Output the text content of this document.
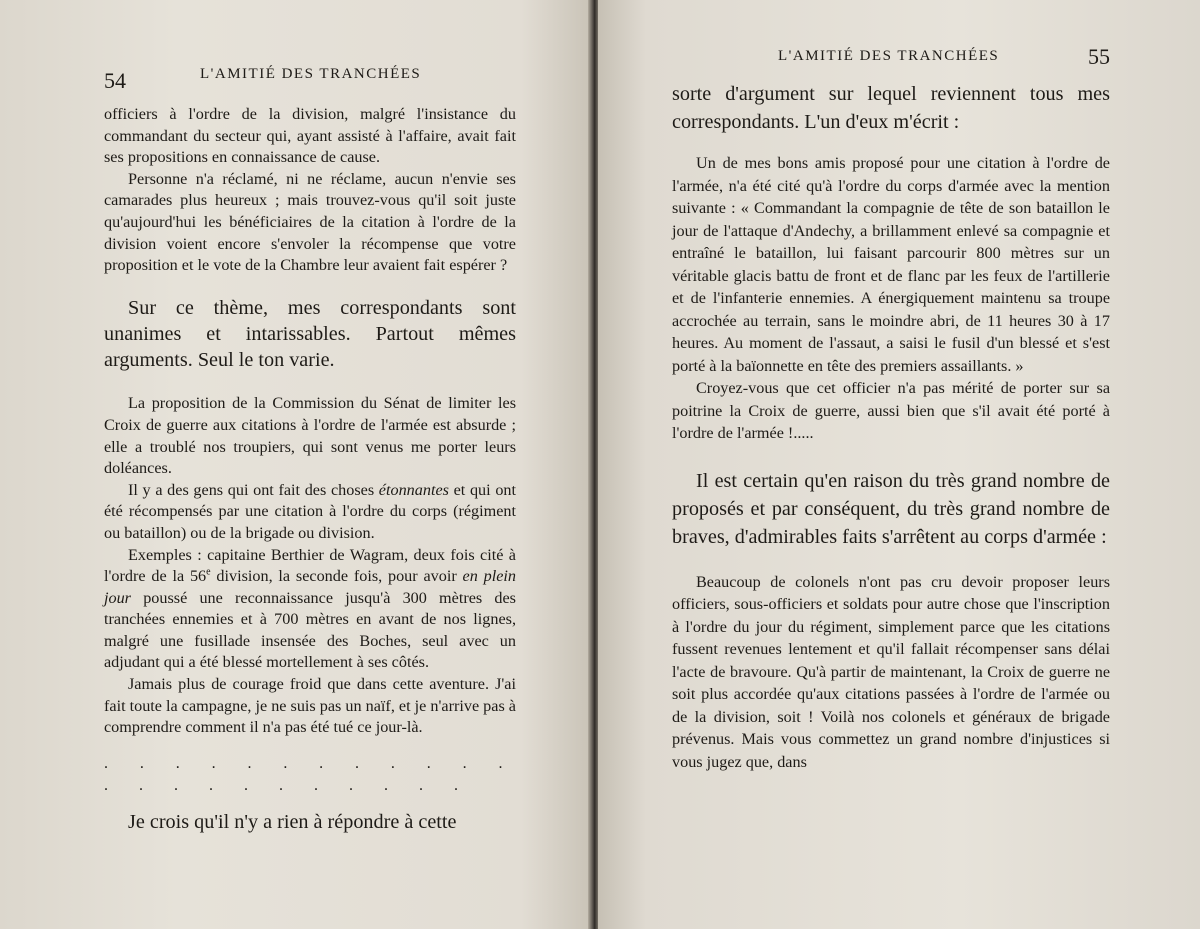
54	L'AMITIÉ DES TRANCHÉES

officiers à l'ordre de la division, malgré l'insistance du commandant du secteur qui, ayant assisté à l'affaire, avait fait ses propositions en connaissance de cause.

Personne n'a réclamé, ni ne réclame, aucun n'envie ses camarades plus heureux ; mais trouvez-vous qu'il soit juste qu'aujourd'hui les bénéficiaires de la citation à l'ordre de la division voient encore s'envoler la récompense que votre proposition et le vote de la Chambre leur avaient fait espérer ?

Sur ce thème, mes correspondants sont unanimes et intarissables. Partout mêmes arguments. Seul le ton varie.

La proposition de la Commission du Sénat de limiter les Croix de guerre aux citations à l'ordre de l'armée est absurde ; elle a troublé nos troupiers, qui sont venus me porter leurs doléances.

Il y a des gens qui ont fait des choses étonnantes et qui ont été récompensés par une citation à l'ordre du corps (régiment ou bataillon) ou de la brigade ou division.

Exemples : capitaine Berthier de Wagram, deux fois cité à l'ordre de la 56e division, la seconde fois, pour avoir en plein jour poussé une reconnaissance jusqu'à 300 mètres des tranchées ennemies et à 700 mètres en avant de nos lignes, malgré une fusillade insensée des Boches, seul avec un adjudant qui a été blessé mortellement à ses côtés.

Jamais plus de courage froid que dans cette aventure. J'ai fait toute la campagne, je ne suis pas un naïf, et je n'arrive pas à comprendre comment il n'a pas été tué ce jour-là.

. . . . . . . . . . . . . . . . . . . . . . .

Je crois qu'il n'y a rien à répondre à cette

L'AMITIÉ DES TRANCHÉES	55

sorte d'argument sur lequel reviennent tous mes correspondants. L'un d'eux m'écrit :

Un de mes bons amis proposé pour une citation à l'ordre de l'armée, n'a été cité qu'à l'ordre du corps d'armée avec la mention suivante : « Commandant la compagnie de tête de son bataillon le jour de l'attaque d'Andechy, a brillamment enlevé sa compagnie et entraîné le bataillon, lui faisant parcourir 800 mètres sur un véritable glacis battu de front et de flanc par les feux de l'artillerie et de l'infanterie ennemies. A énergiquement maintenu sa troupe accrochée au terrain, sans le moindre abri, de 11 heures 30 à 17 heures. Au moment de l'assaut, a saisi le fusil d'un blessé et s'est porté à la baïonnette en tête des premiers assaillants. »

Croyez-vous que cet officier n'a pas mérité de porter sur sa poitrine la Croix de guerre, aussi bien que s'il avait été porté à l'ordre de l'armée !.....

Il est certain qu'en raison du très grand nombre de proposés et par conséquent, du très grand nombre de braves, d'admirables faits s'arrêtent au corps d'armée :

Beaucoup de colonels n'ont pas cru devoir proposer leurs officiers, sous-officiers et soldats pour autre chose que l'inscription à l'ordre du jour du régiment, simplement parce que les citations fussent revenues lentement et qu'il fallait récompenser sans délai l'acte de bravoure. Qu'à partir de maintenant, la Croix de guerre ne soit plus accordée qu'aux citations passées à l'ordre de l'armée ou de la division, soit ! Voilà nos colonels et généraux de brigade prévenus. Mais vous commettez un grand nombre d'injustices si vous jugez que, dans
